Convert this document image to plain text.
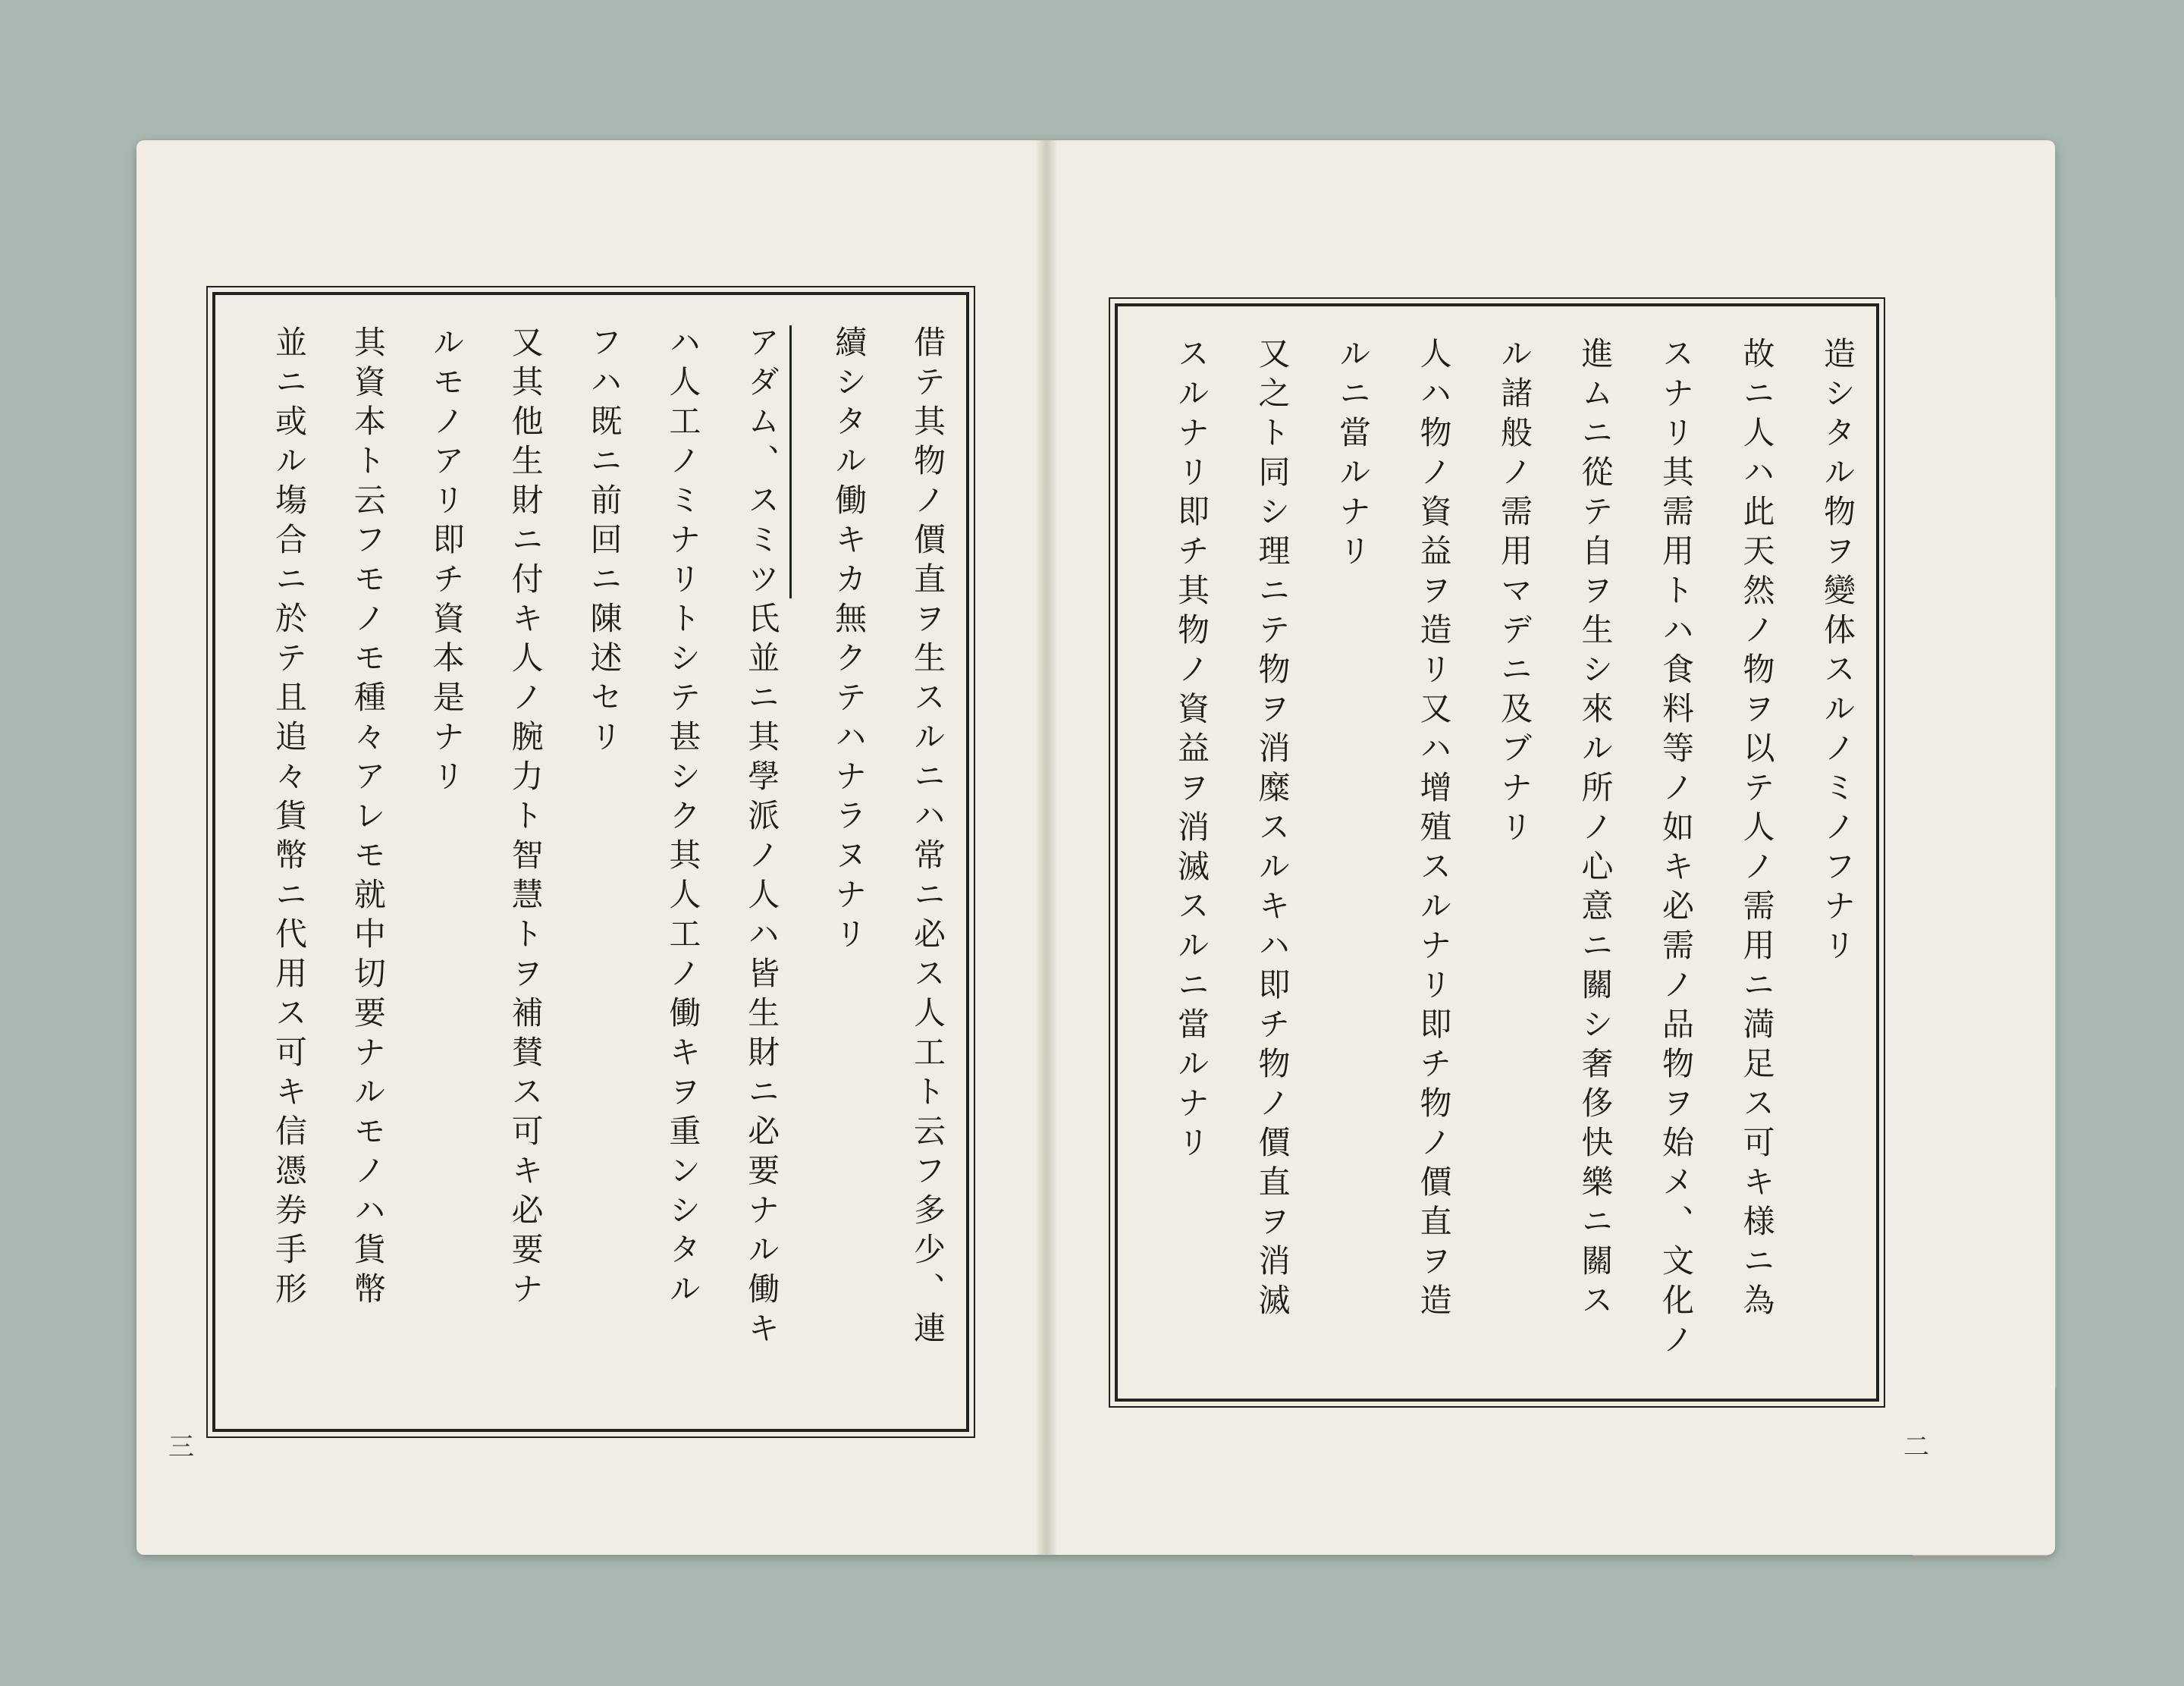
借テ其物ノ價直ヲ生スルニハ常ニ必ス人工ト云フ多少、連
續シタル働キカ無クテハナラヌナリ
アダム、スミツ氏並ニ其學派ノ人ハ皆生財ニ必要ナル働キ
ハ人工ノミナリトシテ甚シク其人工ノ働キヲ重ンシタル
フハ既ニ前回ニ陳述セリ
又其他生財ニ付キ人ノ腕力ト智慧トヲ補賛ス可キ必要ナ
ルモノアリ即チ資本是ナリ
其資本ト云フモノモ種々アレモ就中切要ナルモノハ貨幣
並ニ或ル塲合ニ於テ且追々貨幣ニ代用ス可キ信憑券手形
三
造シタル物ヲ變体スルノミノフナリ
故ニ人ハ此天然ノ物ヲ以テ人ノ需用ニ満足ス可キ様ニ為
スナリ其需用トハ食料等ノ如キ必需ノ品物ヲ始メ、文化ノ
進ムニ從テ自ヲ生シ來ル所ノ心意ニ關シ奢侈快樂ニ關ス
ル諸般ノ需用マデニ及ブナリ
人ハ物ノ資益ヲ造リ又ハ增殖スルナリ即チ物ノ價直ヲ造
ルニ當ルナリ
又之ト同シ理ニテ物ヲ消糜スルキハ即チ物ノ價直ヲ消滅
スルナリ即チ其物ノ資益ヲ消滅スルニ當ルナリ
二
